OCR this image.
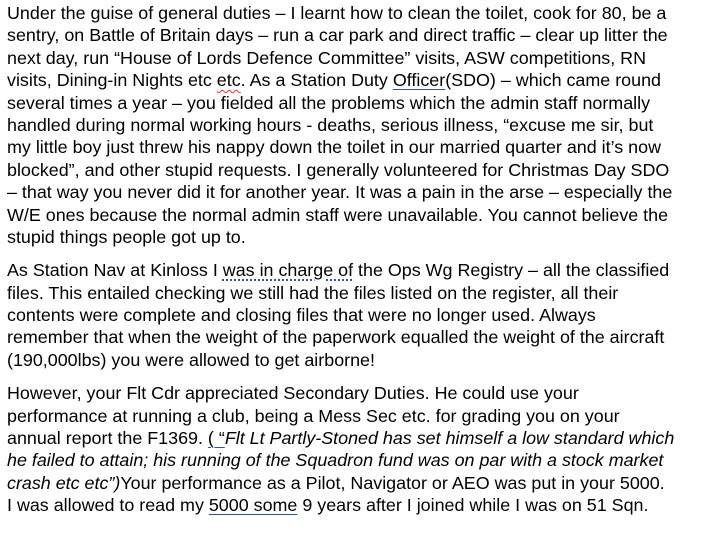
Under the guise of general duties – I learnt how to clean the toilet, cook for 80, be a
sentry, on Battle of Britain days – run a car park and direct traffic – clear up litter the
next day, run “House of Lords Defence Committee” visits, ASW competitions, RN
visits, Dining-in Nights etc etc. As a Station Duty Officer(SDO) – which came round
several times a year – you fielded all the problems which the admin staff normally
handled during normal working hours - deaths, serious illness, “excuse me sir, but
my little boy just threw his nappy down the toilet in our married quarter and it’s now
blocked”, and other stupid requests. I generally volunteered for Christmas Day SDO
– that way you never did it for another year. It was a pain in the arse – especially the
W/E ones because the normal admin staff were unavailable. You cannot believe the
stupid things people got up to.
As Station Nav at Kinloss I was in charge of the Ops Wg Registry – all the classified
files. This entailed checking we still had the files listed on the register, all their
contents were complete and closing files that were no longer used. Always
remember that when the weight of the paperwork equalled the weight of the aircraft
(190,000lbs) you were allowed to get airborne!
However, your Flt Cdr appreciated Secondary Duties. He could use your
performance at running a club, being a Mess Sec etc. for grading you on your
annual report the F1369. ( “Flt Lt Partly-Stoned has set himself a low standard which
he failed to attain; his running of the Squadron fund was on par with a stock market
crash etc etc”)Your performance as a Pilot, Navigator or AEO was put in your 5000.
I was allowed to read my 5000 some 9 years after I joined while I was on 51 Sqn.
